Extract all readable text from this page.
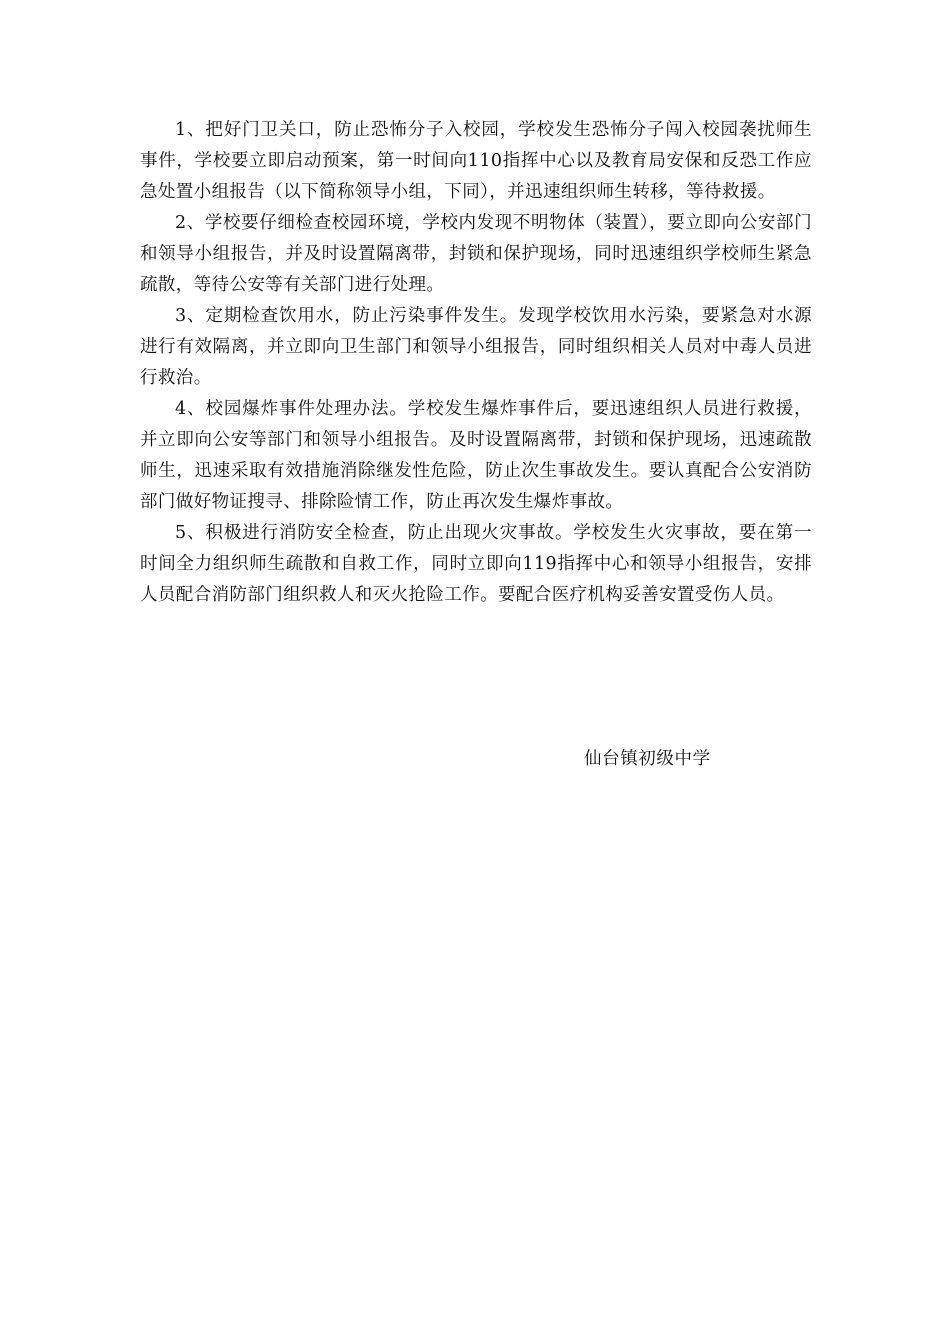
1、把好门卫关口，防止恐怖分子入校园，学校发生恐怖分子闯入校园袭扰师生事件，学校要立即启动预案，第一时间向110指挥中心以及教育局安保和反恐工作应急处置小组报告（以下简称领导小组，下同），并迅速组织师生转移，等待救援。

2、学校要仔细检查校园环境，学校内发现不明物体（装置），要立即向公安部门和领导小组报告，并及时设置隔离带，封锁和保护现场，同时迅速组织学校师生紧急疏散，等待公安等有关部门进行处理。

3、定期检查饮用水，防止污染事件发生。发现学校饮用水污染，要紧急对水源进行有效隔离，并立即向卫生部门和领导小组报告，同时组织相关人员对中毒人员进行救治。

4、校园爆炸事件处理办法。学校发生爆炸事件后，要迅速组织人员进行救援，并立即向公安等部门和领导小组报告。及时设置隔离带，封锁和保护现场，迅速疏散师生，迅速采取有效措施消除继发性危险，防止次生事故发生。要认真配合公安消防部门做好物证搜寻、排除险情工作，防止再次发生爆炸事故。

5、积极进行消防安全检查，防止出现火灾事故。学校发生火灾事故，要在第一时间全力组织师生疏散和自救工作，同时立即向119指挥中心和领导小组报告，安排人员配合消防部门组织救人和灭火抢险工作。要配合医疗机构妥善安置受伤人员。

仙台镇初级中学
